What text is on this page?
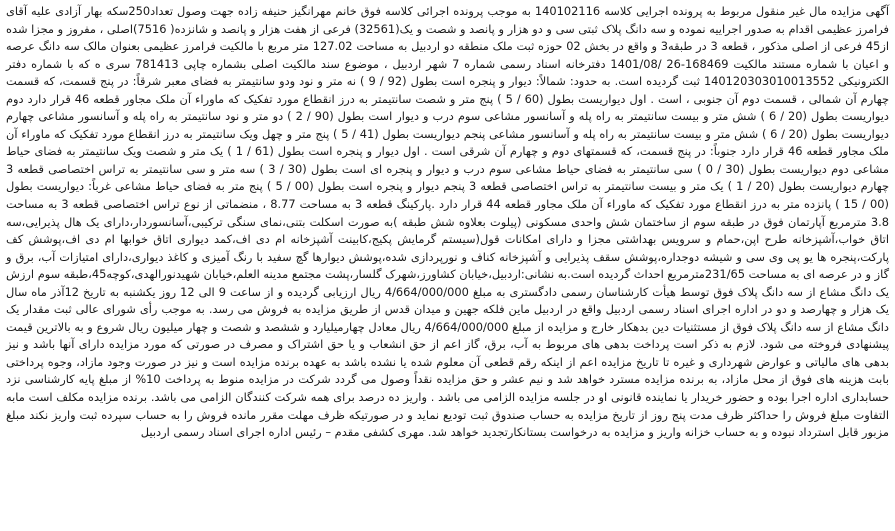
آگهی مزایده مال غیر منقول مربوط به پرونده اجرایی کلاسه 140102116 به موجب پرونده اجرائی کلاسه فوق خانم مهرانگیز حنیفه زاده جهت وصول تعداد250سکه بهار آزادی علیه آقای فرامرز عظیمی اقدام به صدور اجراییه نموده و سه دانگ پلاک ثبتی سی و دو هزار و پانصد و شصت و یک(32561) فرعی از هفت هزار و پانصد و شانزده( 7516)اصلی ، مفروز و مجزا شده از45 فرعی از اصلی مذکور ، قطعه 3 در طبقه3 و واقع در بخش 02 حوزه ثبت ملک منطقه دو اردبیل به مساحت 127.02 متر مربع با مالکیت فرامرز عظیمی بعنوان مالک سه دانگ عرصه و اعیان با شماره مستند مالکیت 168469-26 /1401/08 دفترخانه اسناد رسمی شماره 7 شهر اردبیل ، موضوع سند مالکیت اصلی بشماره چاپی 781413 سری ه که با شماره دفتر الکترونیکی 140120303010013552 ثبت گردیده است. به حدود: شمالاً: دیوار و پنجره است بطول (92 / 9 ) نه متر و نود ودو سانتیمتر به فضای معبر شرقاً: در پنج قسمت، که قسمت چهارم آن شمالی ، قسمت دوم آن جنوبی ، است . اول دیواریست بطول (60 / 5 ) پنج متر و شصت سانتیمتر به درز انقطاع مورد تفکیک که ماوراء آن ملک مجاور قطعه 46 قرار دارد دوم دیواریست بطول (20 / 6 ) شش متر و بیست سانتیمتر به راه پله و آسانسور مشاعی سوم درب و دیوار است بطول (90 / 2 ) دو متر و نود سانتیمتر به راه پله و آسانسور مشاعی چهارم دیواریست بطول (20 / 6 ) شش متر و بیست سانتیمتر به راه پله و آسانسور مشاعی پنجم دیواریست بطول (41 / 5 ) پنج متر و چهل ویک سانتیمتر به درز انقطاع مورد تفکیک که ماوراء آن ملک مجاور قطعه 46 قرار دارد جنوباً: در پنج قسمت، که قسمتهای دوم و چهارم آن شرقی است . اول دیوار و پنجره است بطول (61 / 1 ) یک متر و شصت ویک سانتیمتر به فضای حیاط مشاعی دوم دیواریست بطول (30 / 0 ) سی سانتیمتر به فضای حیاط مشاعی سوم درب و دیوار و پنجره ای است بطول (30 / 3 ) سه متر و سی سانتیمتر به تراس اختصاصی قطعه 3 چهارم دیواریست بطول (20 / 1 ) یک متر و بیست سانتیمتر به تراس اختصاصی قطعه 3 پنجم دیوار و پنجره است بطول (00 / 5 ) پنج متر به فضای حیاط مشاعی غرباً: دیواریست بطول (00 / 15 ) پانزده متر به درز انقطاع مورد تفکیک که ماوراء آن ملک مجاور قطعه 44 قرار دارد .پارکینگ قطعه 3 به مساحت 8.77 ، منضماتی از نوع تراس اختصاصی قطعه 3 به مساحت 3.8 مترمربع آپارتمان فوق در طبقه سوم از ساختمان شش واحدی مسکونی (پیلوت بعلاوه شش طبقه )به صورت اسکلت بتنی،نمای سنگی ترکیبی،آسانسوردار،دارای یک هال پذیرایی،سه اتاق خواب،آشپزخانه طرح اپن،حمام و سرویس بهداشتی مجزا و دارای امکانات قول(سیستم گرمایش پکیج،کابینت آشپزخانه ام دی اف،کمد دیواری اتاق خوابها ام دی اف،پوشش کف پارکت،پنجره ها یو پی وی سی و شیشه دوجداره،پوشش سقف پذیرایی و آشپزخانه کناف و نورپردازی شده،پوشش دیوارها گچ سفید با رنگ آمیزی و کاغذ دیواری،دارای امتیازات آب، برق و گاز و در عرصه ای به مساحت 231/65مترمربع احداث گردیده است.به نشانی:اردبیل،خیابان کشاورز،شهرک گلسار،پشت مجتمع مدینه العلم،خیابان شهیدنورالهدی،کوچه45،طبقه سوم ارزش یک دانگ مشاع از سه دانگ پلاک فوق توسط هیأت کارشناسان رسمی دادگستری به مبلغ 4/664/000/000 ریال ارزیابی گردیده و از ساعت 9 الی 12 روز یکشنبه به تاریخ 12آذر ماه سال یک هزار و چهارصد و دو در اداره اجرای اسناد رسمی اردبیل واقع در اردبیل ماین فلکه جهین و میدان قدس از طریق مزایده به فروش می رسد. به موجب رأی شورای عالی ثبت مقدار یک دانگ مشاع از سه دانگ پلاک فوق از مستثنیات دین بدهکار خارج و مزایده از مبلغ 4/664/000/000 ریال معادل چهارمیلیارد و ششصد و شصت و چهار میلیون ریال شروع و به بالاترین قیمت پیشنهادی فروخته می شود. لازم به ذکر است پرداخت بدهی های مربوط به آب، برق، گاز اعم از حق انشعاب و یا حق اشتراک و مصرف در صورتی که مورد مزایده دارای آنها باشد و نیز بدهی های مالیاتی و عوارض شهرداری و غیره تا تاریخ مزایده اعم از اینکه رقم قطعی آن معلوم شده یا نشده باشد به عهده برنده مزایده است و نیز در صورت وجود مازاد، وجوه پرداختی بابت هزینه های فوق از محل مازاد، به برنده مزایده مسترد خواهد شد و نیم عشر و حق مزایده نقداً وصول می گردد شرکت در مزایده منوط به پرداخت 10% از مبلغ پایه کارشناسی نزد حسابداری اداره اجرا بوده و حضور خریدار یا نماینده قانونی او در جلسه مزایده الزامی می باشد . واریز ده درصد برای همه شرکت کنندگان الزامی می باشد. برنده مزایده مکلف است مابه التفاوت مبلغ فروش را حداکثر ظرف مدت پنج روز از تاریخ مزایده به حساب صندوق ثبت تودیع نماید و در صورتیکه ظرف مهلت مقرر مانده فروش را به حساب سپرده ثبت واریز نکند مبلغ مزبور قابل استرداد نبوده و به حساب خزانه واریز و مزایده به درخواست بستانکارتجدید خواهد شد. مهری کشفی مقدم – رئیس اداره اجرای اسناد رسمی اردبیل
